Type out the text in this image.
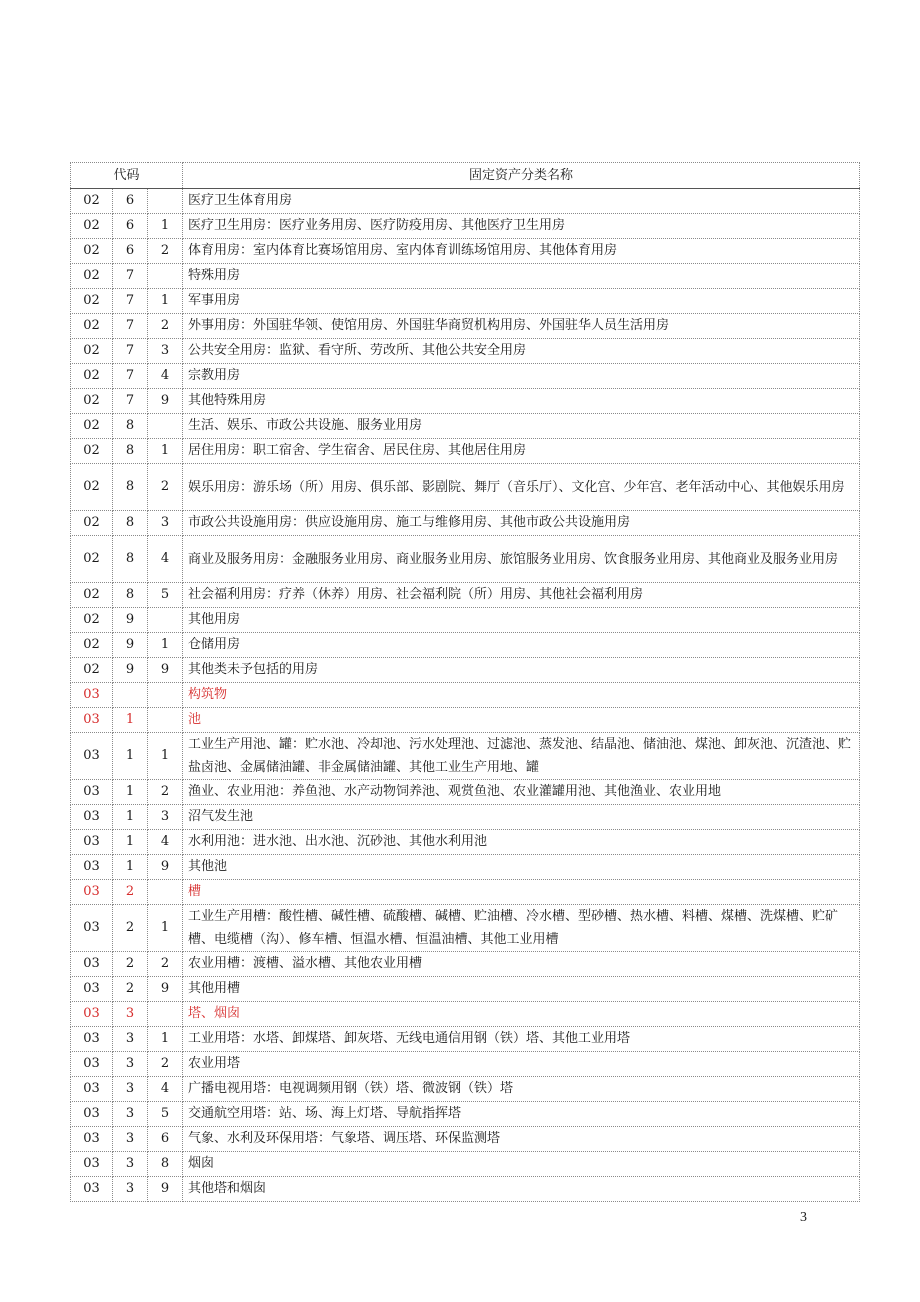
代码			固定资产分类名称
02	6		医疗卫生体育用房
02	6	1	医疗卫生用房：医疗业务用房、医疗防疫用房、其他医疗卫生用房
02	6	2	体育用房：室内体育比赛场馆用房、室内体育训练场馆用房、其他体育用房
02	7		特殊用房
02	7	1	军事用房
02	7	2	外事用房：外国驻华领、使馆用房、外国驻华商贸机构用房、外国驻华人员生活用房
02	7	3	公共安全用房：监狱、看守所、劳改所、其他公共安全用房
02	7	4	宗教用房
02	7	9	其他特殊用房
02	8		生活、娱乐、市政公共设施、服务业用房
02	8	1	居住用房：职工宿舍、学生宿舍、居民住房、其他居住用房
02	8	2	娱乐用房：游乐场（所）用房、俱乐部、影剧院、舞厅（音乐厅）、文化宫、少年宫、老年活动中心、其他娱乐用房
02	8	3	市政公共设施用房：供应设施用房、施工与维修用房、其他市政公共设施用房
02	8	4	商业及服务用房：金融服务业用房、商业服务业用房、旅馆服务业用房、饮食服务业用房、其他商业及服务业用房
02	8	5	社会福利用房：疗养（休养）用房、社会福利院（所）用房、其他社会福利用房
02	9		其他用房
02	9	1	仓储用房
02	9	9	其他类未予包括的用房
03			构筑物
03	1		池
03	1	1	工业生产用池、罐：贮水池、冷却池、污水处理池、过滤池、蒸发池、结晶池、储油池、煤池、卸灰池、沉渣池、贮盐卤池、金属储油罐、非金属储油罐、其他工业生产用地、罐
03	1	2	渔业、农业用池：养鱼池、水产动物饲养池、观赏鱼池、农业灌罐用池、其他渔业、农业用地
03	1	3	沼气发生池
03	1	4	水利用池：进水池、出水池、沉砂池、其他水利用池
03	1	9	其他池
03	2		槽
03	2	1	工业生产用槽：酸性槽、碱性槽、硫酸槽、碱槽、贮油槽、冷水槽、型砂槽、热水槽、料槽、煤槽、洗煤槽、贮矿槽、电缆槽（沟）、修车槽、恒温水槽、恒温油槽、其他工业用槽
03	2	2	农业用槽：渡槽、溢水槽、其他农业用槽
03	2	9	其他用槽
03	3		塔、烟囱
03	3	1	工业用塔：水塔、卸煤塔、卸灰塔、无线电通信用钢（铁）塔、其他工业用塔
03	3	2	农业用塔
03	3	4	广播电视用塔：电视调频用钢（铁）塔、微波钢（铁）塔
03	3	5	交通航空用塔：站、场、海上灯塔、导航指挥塔
03	3	6	气象、水利及环保用塔：气象塔、调压塔、环保监测塔
03	3	8	烟囱
03	3	9	其他塔和烟囱
3
